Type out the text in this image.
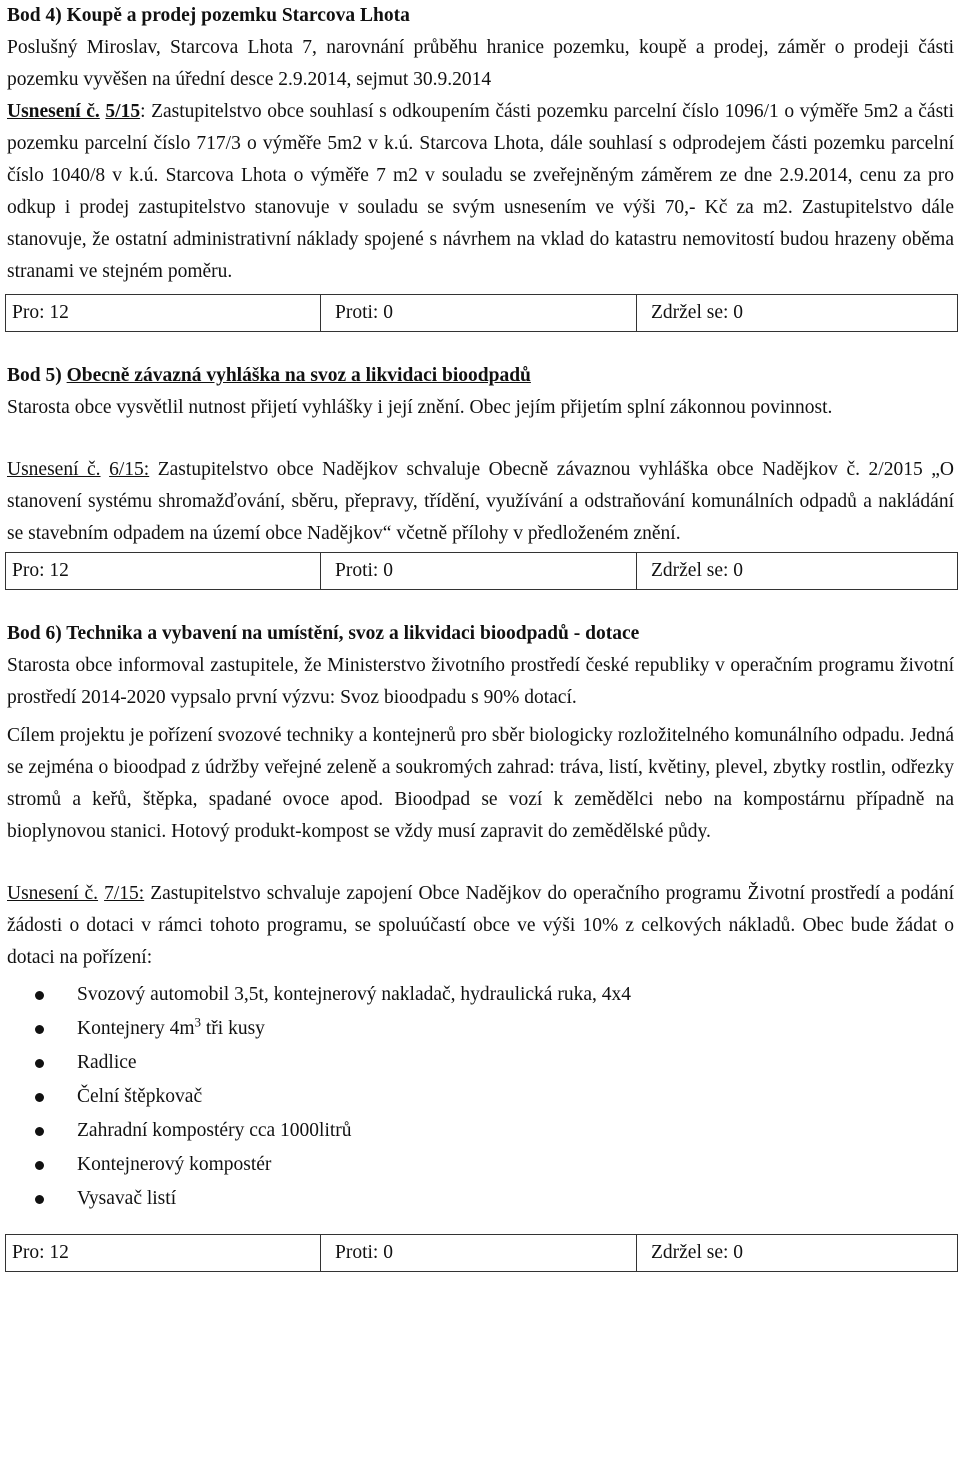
Bod 4) Koupě a prodej pozemku Starcova Lhota

Poslušný Miroslav, Starcova Lhota 7, narovnání průběhu hranice pozemku, koupě a prodej, záměr o prodeji části pozemku vyvěšen na úřední desce 2.9.2014, sejmut 30.9.2014

Usnesení č. 5/15: Zastupitelstvo obce souhlasí s odkoupením části pozemku parcelní číslo 1096/1 o výměře 5m2 a části pozemku parcelní číslo 717/3 o výměře 5m2 v k.ú. Starcova Lhota, dále souhlasí s odprodejem části pozemku parcelní číslo 1040/8 v k.ú. Starcova Lhota o výměře 7 m2 v souladu se zveřejněným záměrem ze dne 2.9.2014, cenu za pro odkup i prodej zastupitelstvo stanovuje v souladu se svým usnesením ve výši 70,- Kč za m2. Zastupitelstvo dále stanovuje, že ostatní administrativní náklady spojené s návrhem na vklad do katastru nemovitostí budou hrazeny oběma stranami ve stejném poměru.

Pro: 12	Proti: 0	Zdržel se: 0

Bod 5) Obecně závazná vyhláška na svoz a likvidaci bioodpadů

Starosta obce vysvětlil nutnost přijetí vyhlášky i její znění. Obec jejím přijetím splní zákonnou povinnost.

Usnesení č. 6/15: Zastupitelstvo obce Nadějkov schvaluje Obecně závaznou vyhláška obce Nadějkov č. 2/2015 „O stanovení systému shromažďování, sběru, přepravy, třídění, využívání a odstraňování komunálních odpadů a nakládání se stavebním odpadem na území obce Nadějkov“ včetně přílohy v předloženém znění.

Pro: 12	Proti: 0	Zdržel se: 0

Bod 6) Technika a vybavení na umístění, svoz a likvidaci bioodpadů - dotace

Starosta obce informoval zastupitele, že Ministerstvo životního prostředí české republiky v operačním programu životní prostředí 2014-2020 vypsalo první výzvu: Svoz bioodpadu s 90% dotací.

Cílem projektu je pořízení svozové techniky a kontejnerů pro sběr biologicky rozložitelného komunálního odpadu. Jedná se zejména o bioodpad z údržby veřejné zeleně a soukromých zahrad: tráva, listí, květiny, plevel, zbytky rostlin, odřezky stromů a keřů, štěpka, spadané ovoce apod. Bioodpad se vozí k zemědělci nebo na kompostárnu případně na bioplynovou stanici. Hotový produkt-kompost se vždy musí zapravit do zemědělské půdy.

Usnesení č. 7/15: Zastupitelstvo schvaluje zapojení Obce Nadějkov do operačního programu Životní prostředí a podání žádosti o dotaci v rámci tohoto programu, se spoluúčastí obce ve výši 10% z celkových nákladů. Obec bude žádat o dotaci na pořízení:

Svozový automobil 3,5t, kontejnerový nakladač, hydraulická ruka, 4x4
Kontejnery $4m^3$ tři kusy
Radlice
Čelní štěpkovač
Zahradní kompostéry cca 1000litrů
Kontejnerový kompostér
Vysavač listí
Pro: 12	Proti: 0	Zdržel se: 0
